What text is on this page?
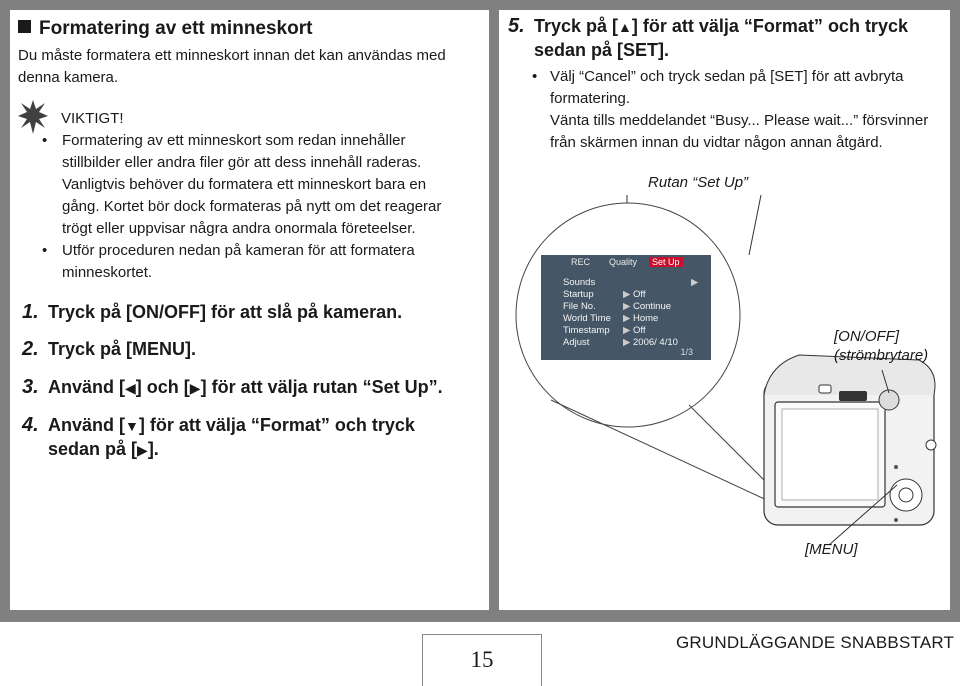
Formatering av ett minneskort
Du måste formatera ett minneskort innan det kan användas med denna kamera.
VIKTIGT!
• Formatering av ett minneskort som redan innehåller stillbilder eller andra filer gör att dess innehåll raderas. Vanligtvis behöver du formatera ett minneskort bara en gång. Kortet bör dock formateras på nytt om det reagerar trögt eller uppvisar några andra onormala företeelser.
• Utför proceduren nedan på kameran för att formatera minneskortet.
1. Tryck på [ON/OFF] för att slå på kameran.
2. Tryck på [MENU].
3. Använd [◀] och [▶] för att välja rutan “Set Up”.
4. Använd [▼] för att välja “Format” och tryck sedan på [▶].
5. Tryck på [▲] för att välja “Format” och tryck sedan på [SET].
• Välj “Cancel” och tryck sedan på [SET] för att avbryta formatering.
Vänta tills meddelandet “Busy... Please wait...” försvinner från skärmen innan du vidtar någon annan åtgärd.
Rutan “Set Up”
REC Quality	Set Up
Sounds	▶
Startup	▶ Off
File No.	▶ Continue
World Time ▶ Home
Timestamp ▶ Off
Adjust	▶ 2006/ 4/10
1/3
[ON/OFF] (strömbrytare)
[MENU]
15
GRUNDLÄGGANDE SNABBSTART
